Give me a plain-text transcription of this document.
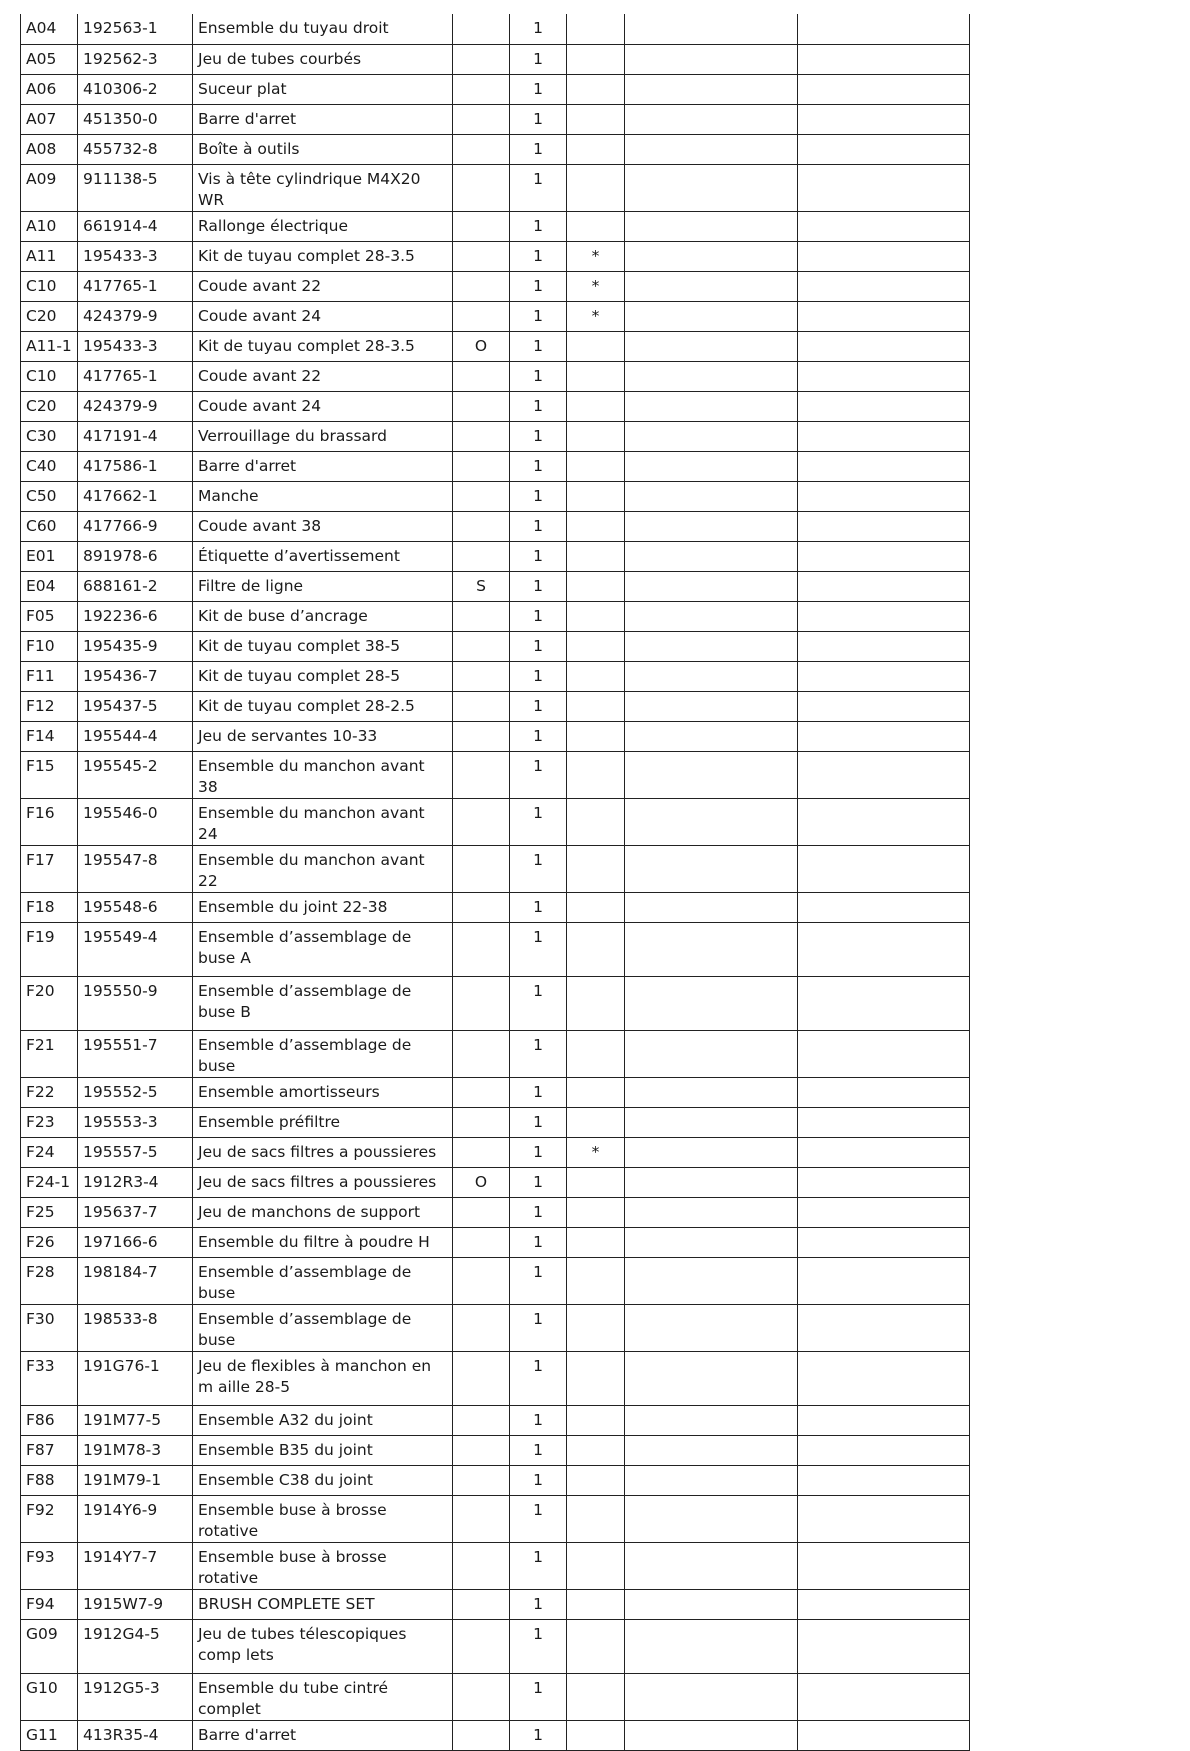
A04	192563-1	Ensemble du tuyau droit		1			
A05	192562-3	Jeu de tubes courbés		1			
A06	410306-2	Suceur plat		1			
A07	451350-0	Barre d'arret		1			
A08	455732-8	Boîte à outils		1			
A09	911138-5	Vis à tête cylindrique M4X20 WR		1			
A10	661914-4	Rallonge électrique		1			
A11	195433-3	Kit de tuyau complet 28-3.5		1	*		
C10	417765-1	Coude avant 22		1	*		
C20	424379-9	Coude avant 24		1	*		
A11-1	195433-3	Kit de tuyau complet 28-3.5	O	1			
C10	417765-1	Coude avant 22		1			
C20	424379-9	Coude avant 24		1			
C30	417191-4	Verrouillage du brassard		1			
C40	417586-1	Barre d'arret		1			
C50	417662-1	Manche		1			
C60	417766-9	Coude avant 38		1			
E01	891978-6	Étiquette d’avertissement		1			
E04	688161-2	Filtre de ligne	S	1			
F05	192236-6	Kit de buse d’ancrage		1			
F10	195435-9	Kit de tuyau complet 38-5		1			
F11	195436-7	Kit de tuyau complet 28-5		1			
F12	195437-5	Kit de tuyau complet 28-2.5		1			
F14	195544-4	Jeu de servantes 10-33		1			
F15	195545-2	Ensemble du manchon avant 38		1			
F16	195546-0	Ensemble du manchon avant 24		1			
F17	195547-8	Ensemble du manchon avant 22		1			
F18	195548-6	Ensemble du joint 22-38		1			
F19	195549-4	Ensemble d’assemblage de buse A		1			
F20	195550-9	Ensemble d’assemblage de buse B		1			
F21	195551-7	Ensemble d’assemblage de buse		1			
F22	195552-5	Ensemble amortisseurs		1			
F23	195553-3	Ensemble préfiltre		1			
F24	195557-5	Jeu de sacs filtres a poussieres		1	*		
F24-1	1912R3-4	Jeu de sacs filtres a poussieres	O	1			
F25	195637-7	Jeu de manchons de support		1			
F26	197166-6	Ensemble du filtre à poudre H		1			
F28	198184-7	Ensemble d’assemblage de buse		1			
F30	198533-8	Ensemble d’assemblage de buse		1			
F33	191G76-1	Jeu de flexibles à manchon en m aille 28-5		1			
F86	191M77-5	Ensemble A32 du joint		1			
F87	191M78-3	Ensemble B35 du joint		1			
F88	191M79-1	Ensemble C38 du joint		1			
F92	1914Y6-9	Ensemble buse à brosse rotative		1			
F93	1914Y7-7	Ensemble buse à brosse rotative		1			
F94	1915W7-9	BRUSH COMPLETE SET		1			
G09	1912G4-5	Jeu de tubes télescopiques comp lets		1			
G10	1912G5-3	Ensemble du tube cintré complet		1			
G11	413R35-4	Barre d'arret		1			
